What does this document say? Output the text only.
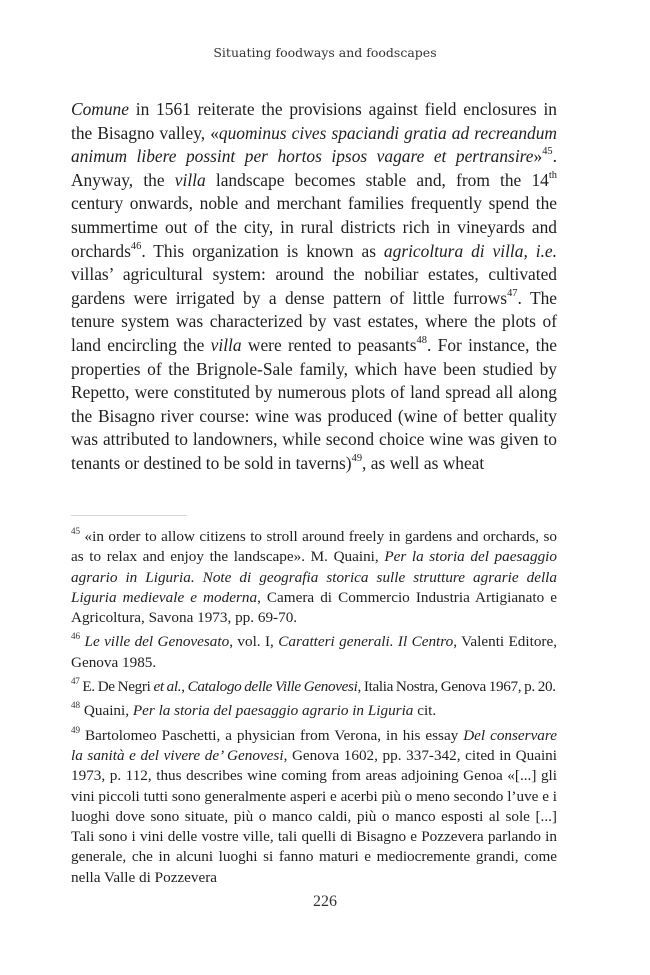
Situating foodways and foodscapes

Comune in 1561 reiterate the provisions against field enclosures in the Bisagno valley, «quominus cives spaciandi gratia ad recreandum animum libere possint per hortos ipsos vagare et pertransire»$^{45}$. Anyway, the villa landscape becomes stable and, from the 14th century onwards, noble and merchant families frequently spend the summertime out of the city, in rural districts rich in vineyards and orchards$^{46}$. This organization is known as agricoltura di villa, i.e. villas’ agricultural system: around the nobiliar estates, cultivated gardens were irrigated by a dense pattern of little furrows$^{47}$. The tenure system was characterized by vast estates, where the plots of land encircling the villa were rented to peasants$^{48}$. For instance, the properties of the Brignole-Sale family, which have been studied by Repetto, were constituted by numerous plots of land spread all along the Bisagno river course: wine was produced (wine of better quality was attributed to landowners, while second choice wine was given to tenants or destined to be sold in taverns)$^{49}$, as well as wheat

$^{45}$ «in order to allow citizens to stroll around freely in gardens and orchards, so as to relax and enjoy the landscape». M. Quaini, Per la storia del paesaggio agrario in Liguria. Note di geografia storica sulle strutture agrarie della Liguria medievale e moderna, Camera di Commercio Industria Artigianato e Agricoltura, Savona 1973, pp. 69-70.

$^{46}$ Le ville del Genovesato, vol. I, Caratteri generali. Il Centro, Valenti Editore, Genova 1985.

$^{47}$ E. De Negri et al., Catalogo delle Ville Genovesi, Italia Nostra, Genova 1967, p. 20.

$^{48}$ Quaini, Per la storia del paesaggio agrario in Liguria cit.

$^{49}$ Bartolomeo Paschetti, a physician from Verona, in his essay Del conservare la sanità e del vivere de’ Genovesi, Genova 1602, pp. 337-342, cited in Quaini 1973, p. 112, thus describes wine coming from areas adjoining Genoa «[...] gli vini piccoli tutti sono generalmente asperi e acerbi più o meno secondo l’uve e i luoghi dove sono situate, più o manco caldi, più o manco esposti al sole [...] Tali sono i vini delle vostre ville, tali quelli di Bisagno e Pozzevera parlando in generale, che in alcuni luoghi si fanno maturi e mediocremente grandi, come nella Valle di Pozzevera

226
